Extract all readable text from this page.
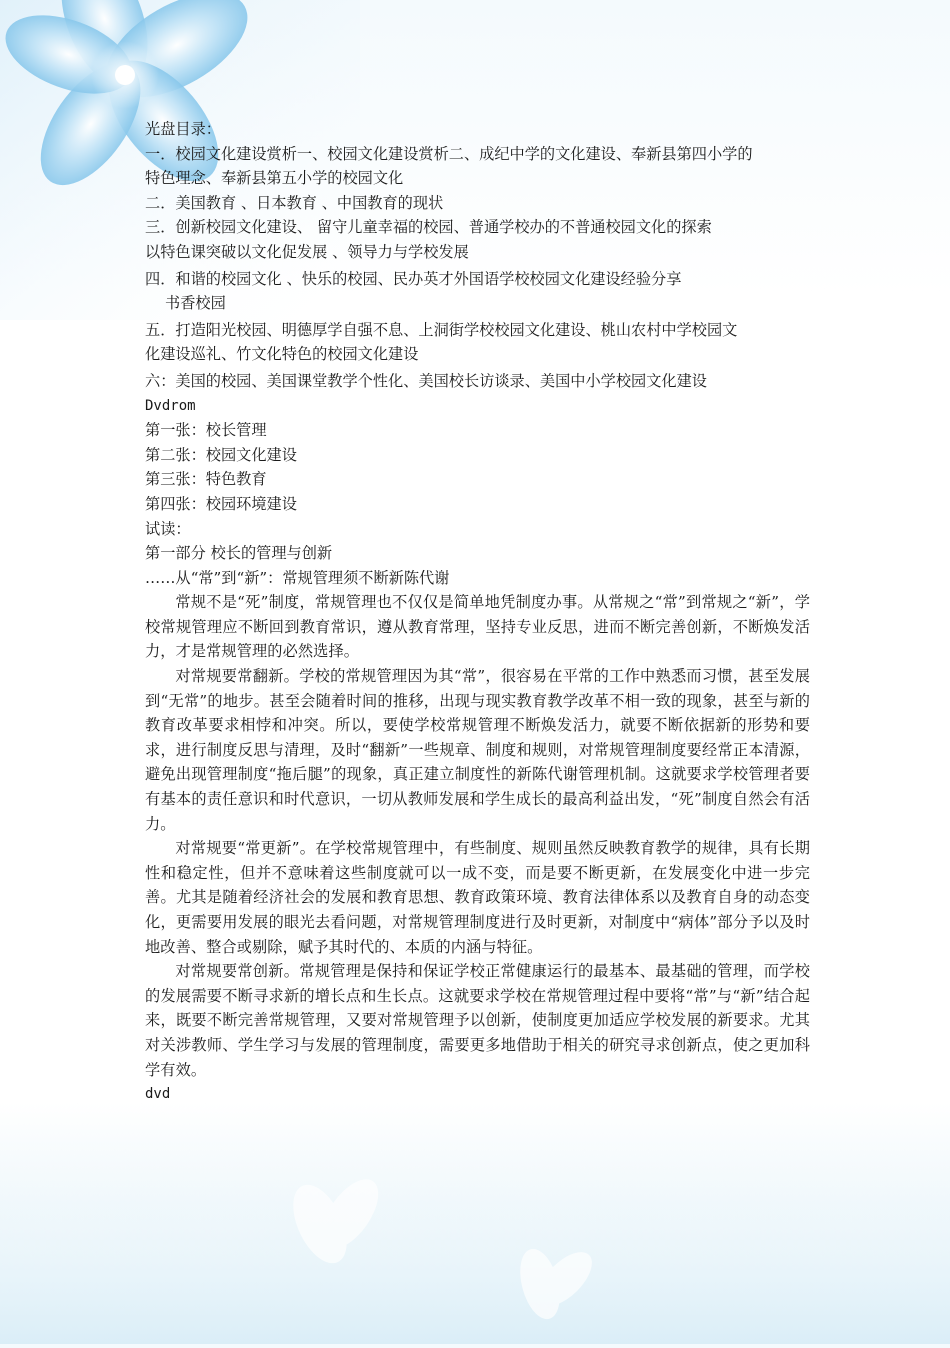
光盘目录：

一．校园文化建设赏析一、校园文化建设赏析二、成纪中学的文化建设、奉新县第四小学的

特色理念、奉新县第五小学的校园文化

二．美国教育 、日本教育 、中国教育的现状

三．创新校园文化建设、 留守儿童幸福的校园、普通学校办的不普通校园文化的探索

以特色课突破以文化促发展 、领导力与学校发展

四．和谐的校园文化 、快乐的校园、民办英才外国语学校校园文化建设经验分享

书香校园

五．打造阳光校园、明德厚学自强不息、上洞街学校校园文化建设、桃山农村中学校园文

化建设巡礼、竹文化特色的校园文化建设

六：美国的校园、美国课堂教学个性化、美国校长访谈录、美国中小学校园文化建设

Dvdrom

第一张：校长管理

第二张：校园文化建设

第三张：特色教育

第四张：校园环境建设

试读：

第一部分 校长的管理与创新

……从“常”到“新”：常规管理须不断新陈代谢

常规不是“死”制度，常规管理也不仅仅是简单地凭制度办事。从常规之“常”到常规之“新”，学校常规管理应不断回到教育常识，遵从教育常理，坚持专业反思，进而不断完善创新，不断焕发活力，才是常规管理的必然选择。

对常规要常翻新。学校的常规管理因为其“常”，很容易在平常的工作中熟悉而习惯，甚至发展到“无常”的地步。甚至会随着时间的推移，出现与现实教育教学改革不相一致的现象，甚至与新的教育改革要求相悖和冲突。所以，要使学校常规管理不断焕发活力，就要不断依据新的形势和要求，进行制度反思与清理，及时“翻新”一些规章、制度和规则，对常规管理制度要经常正本清源，避免出现管理制度“拖后腿”的现象，真正建立制度性的新陈代谢管理机制。这就要求学校管理者要有基本的责任意识和时代意识，一切从教师发展和学生成长的最高利益出发，“死”制度自然会有活力。

对常规要“常更新”。在学校常规管理中，有些制度、规则虽然反映教育教学的规律，具有长期性和稳定性，但并不意味着这些制度就可以一成不变，而是要不断更新，在发展变化中进一步完善。尤其是随着经济社会的发展和教育思想、教育政策环境、教育法律体系以及教育自身的动态变化，更需要用发展的眼光去看问题，对常规管理制度进行及时更新，对制度中“病体”部分予以及时地改善、整合或剔除，赋予其时代的、本质的内涵与特征。

对常规要常创新。常规管理是保持和保证学校正常健康运行的最基本、最基础的管理，而学校的发展需要不断寻求新的增长点和生长点。这就要求学校在常规管理过程中要将“常”与“新”结合起来，既要不断完善常规管理，又要对常规管理予以创新，使制度更加适应学校发展的新要求。尤其对关涉教师、学生学习与发展的管理制度，需要更多地借助于相关的研究寻求创新点，使之更加科学有效。

dvd
